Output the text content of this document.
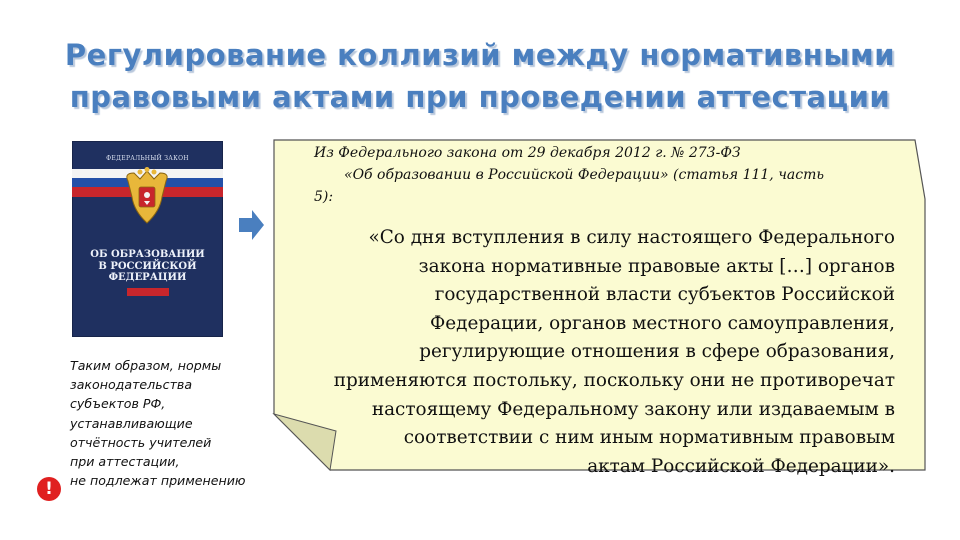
Регулирование коллизий между нормативными
правовыми актами при проведении аттестации
ФЕДЕРАЛЬНЫЙ ЗАКОН
ОБ ОБРАЗОВАНИИ
В РОССИЙСКОЙ
ФЕДЕРАЦИИ
Из Федерального закона от 29 декабря 2012 г. № 273-ФЗ
«Об образовании в Российской Федерации» (статья 111, часть
5):
«Со дня вступления в силу настоящего Федерального
закона нормативные правовые акты […] органов
государственной власти субъектов Российской
Федерации, органов местного самоуправления,
регулирующие отношения в сфере образования,
применяются постольку, поскольку они не противоречат
настоящему Федеральному закону или издаваемым в
соответствии с ним иным нормативным правовым
актам Российской Федерации».
Таким образом, нормы
законодательства
субъектов РФ,
устанавливающие
отчётность учителей
при аттестации,
не подлежат применению
!
